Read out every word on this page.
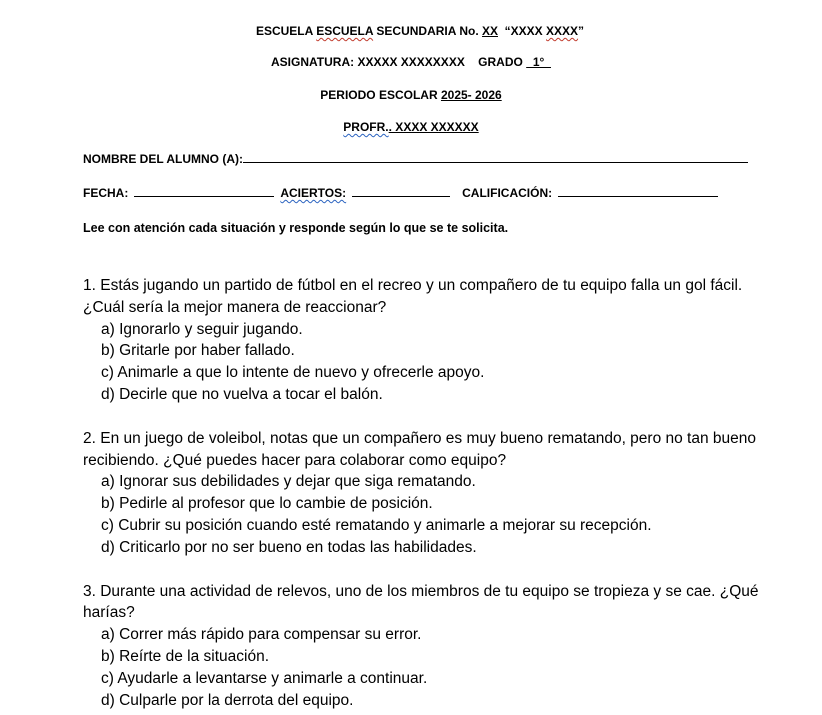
ESCUELA ESCUELA SECUNDARIA No. XX “XXXX XXXX”
ASIGNATURA: XXXXX XXXXXXXX GRADO   1°
PERIODO ESCOLAR 2025- 2026
PROFR.. XXXX XXXXXX
NOMBRE DEL ALUMNO (A):
FECHA:	ACIERTOS:	CALIFICACIÓN:
Lee con atención cada situación y responde según lo que se te solicita.
1. Estás jugando un partido de fútbol en el recreo y un compañero de tu equipo falla un gol fácil. ¿Cuál sería la mejor manera de reaccionar?
a) Ignorarlo y seguir jugando.
b) Gritarle por haber fallado.
c) Animarle a que lo intente de nuevo y ofrecerle apoyo.
d) Decirle que no vuelva a tocar el balón.
2. En un juego de voleibol, notas que un compañero es muy bueno rematando, pero no tan bueno recibiendo. ¿Qué puedes hacer para colaborar como equipo?
a) Ignorar sus debilidades y dejar que siga rematando.
b) Pedirle al profesor que lo cambie de posición.
c) Cubrir su posición cuando esté rematando y animarle a mejorar su recepción.
d) Criticarlo por no ser bueno en todas las habilidades.
3. Durante una actividad de relevos, uno de los miembros de tu equipo se tropieza y se cae. ¿Qué harías?
a) Correr más rápido para compensar su error.
b) Reírte de la situación.
c) Ayudarle a levantarse y animarle a continuar.
d) Culparle por la derrota del equipo.
